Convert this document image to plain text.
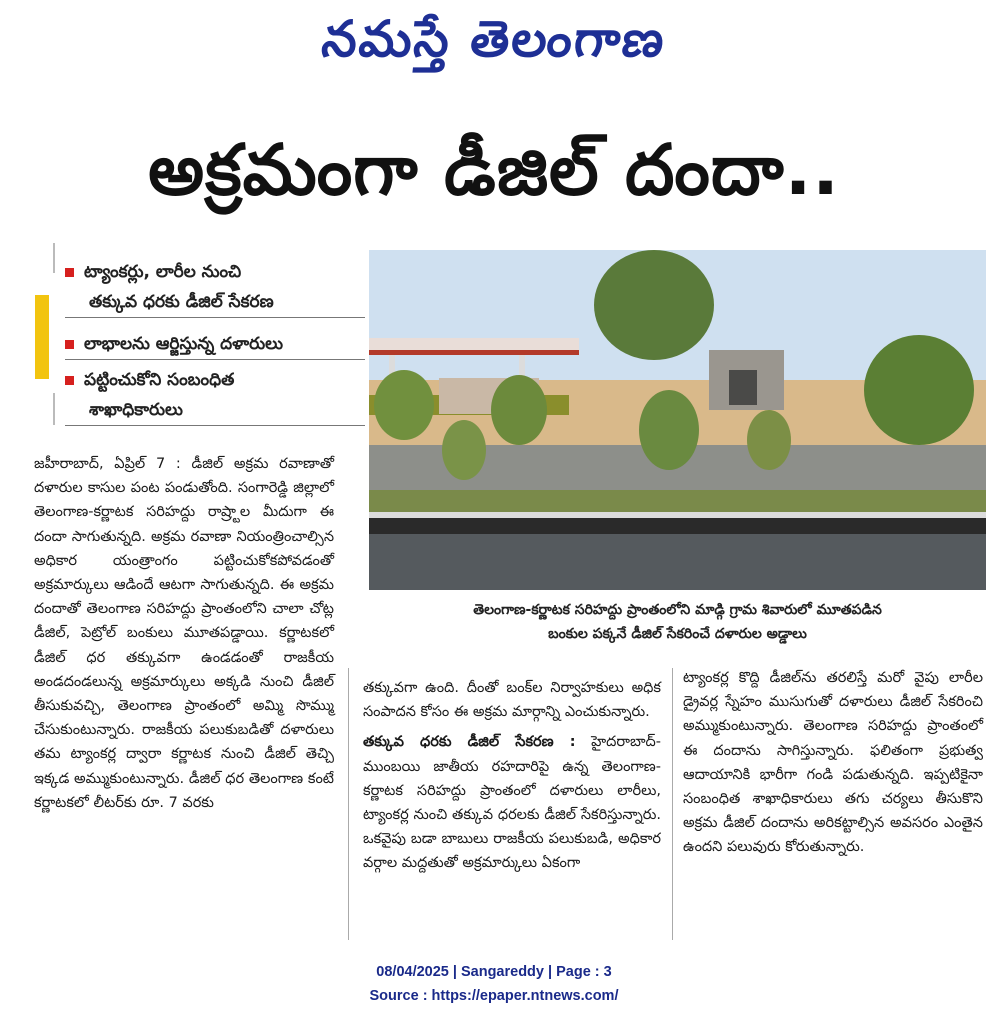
నమస్తే తెలంగాణ
అక్రమంగా డీజిల్ దందా..
ట్యాంకర్లు, లారీల నుంచి
తక్కువ ధరకు డీజిల్ సేకరణ
లాభాలను ఆర్జిస్తున్న దళారులు
పట్టించుకోని సంబంధిత
శాఖాధికారులు
తెలంగాణ-కర్ణాటక సరిహద్దు ప్రాంతంలోని మాడ్గి గ్రామ శివారులో మూతపడిన
బంకుల పక్కనే డీజిల్ సేకరించే దళారుల అడ్డాలు

జహీరాబాద్, ఏప్రిల్ 7 : డీజిల్ అక్రమ రవాణాతో దళారుల కాసుల పంట పండుతోంది. సంగారెడ్డి జిల్లాలో తెలంగాణ-కర్ణాటక సరిహద్దు రాష్ర్టాల మీదుగా ఈ దందా సాగుతున్నది. అక్రమ రవాణా నియంత్రించాల్సిన అధికార యంత్రాంగం పట్టించుకోకపోవడంతో అక్రమార్కులు ఆడిందే ఆటగా సాగుతున్నది. ఈ అక్రమ దందాతో తెలంగాణ సరిహద్దు ప్రాంతంలోని చాలా చోట్ల డీజిల్, పెట్రోల్ బంకులు మూతపడ్డాయి. కర్ణాటకలో డీజిల్ ధర తక్కువగా ఉండడంతో రాజకీయ అండదండలున్న అక్రమార్కులు అక్కడి నుంచి డీజిల్ తీసుకువచ్చి, తెలంగాణ ప్రాంతంలో అమ్మి సొమ్ము చేసుకుంటున్నారు. రాజకీయ పలుకుబడితో దళారులు తమ ట్యాంకర్ల ద్వారా కర్ణాటక నుంచి డీజిల్ తెచ్చి ఇక్కడ అమ్ముకుంటున్నారు. డీజిల్ ధర తెలంగాణ కంటే కర్ణాటకలో లీటర్‌కు రూ. 7 వరకు

తక్కువగా ఉంది. దీంతో బంక్‌ల నిర్వాహకులు అధిక సంపాదన కోసం ఈ అక్రమ మార్గాన్ని ఎంచుకున్నారు.

తక్కువ ధరకు డీజిల్ సేకరణ : హైదరాబాద్-ముంబయి జాతీయ రహదారిపై ఉన్న తెలంగాణ-కర్ణాటక సరిహద్దు ప్రాంతంలో దళారులు లారీలు, ట్యాంకర్ల నుంచి తక్కువ ధరలకు డీజిల్ సేకరిస్తున్నారు. ఒకవైపు బడా బాబులు రాజకీయ పలుకుబడి, అధికార వర్గాల మద్దతుతో అక్రమార్కులు ఏకంగా

ట్యాంకర్ల కొద్ది డీజిల్‌ను తరలిస్తే మరో వైపు లారీల డ్రైవర్ల స్నేహం ముసుగుతో దళారులు డీజిల్ సేకరించి అమ్ముకుంటున్నారు. తెలంగాణ సరిహద్దు ప్రాంతంలో ఈ దందాను సాగిస్తున్నారు. ఫలితంగా ప్రభుత్వ ఆదాయానికి భారీగా గండి పడుతున్నది. ఇప్పటికైనా సంబంధిత శాఖాధికారులు తగు చర్యలు తీసుకొని అక్రమ డీజిల్ దందాను అరికట్టాల్సిన అవసరం ఎంతైన ఉందని పలువురు కోరుతున్నారు.

08/04/2025 | Sangareddy | Page : 3
Source : https://epaper.ntnews.com/
